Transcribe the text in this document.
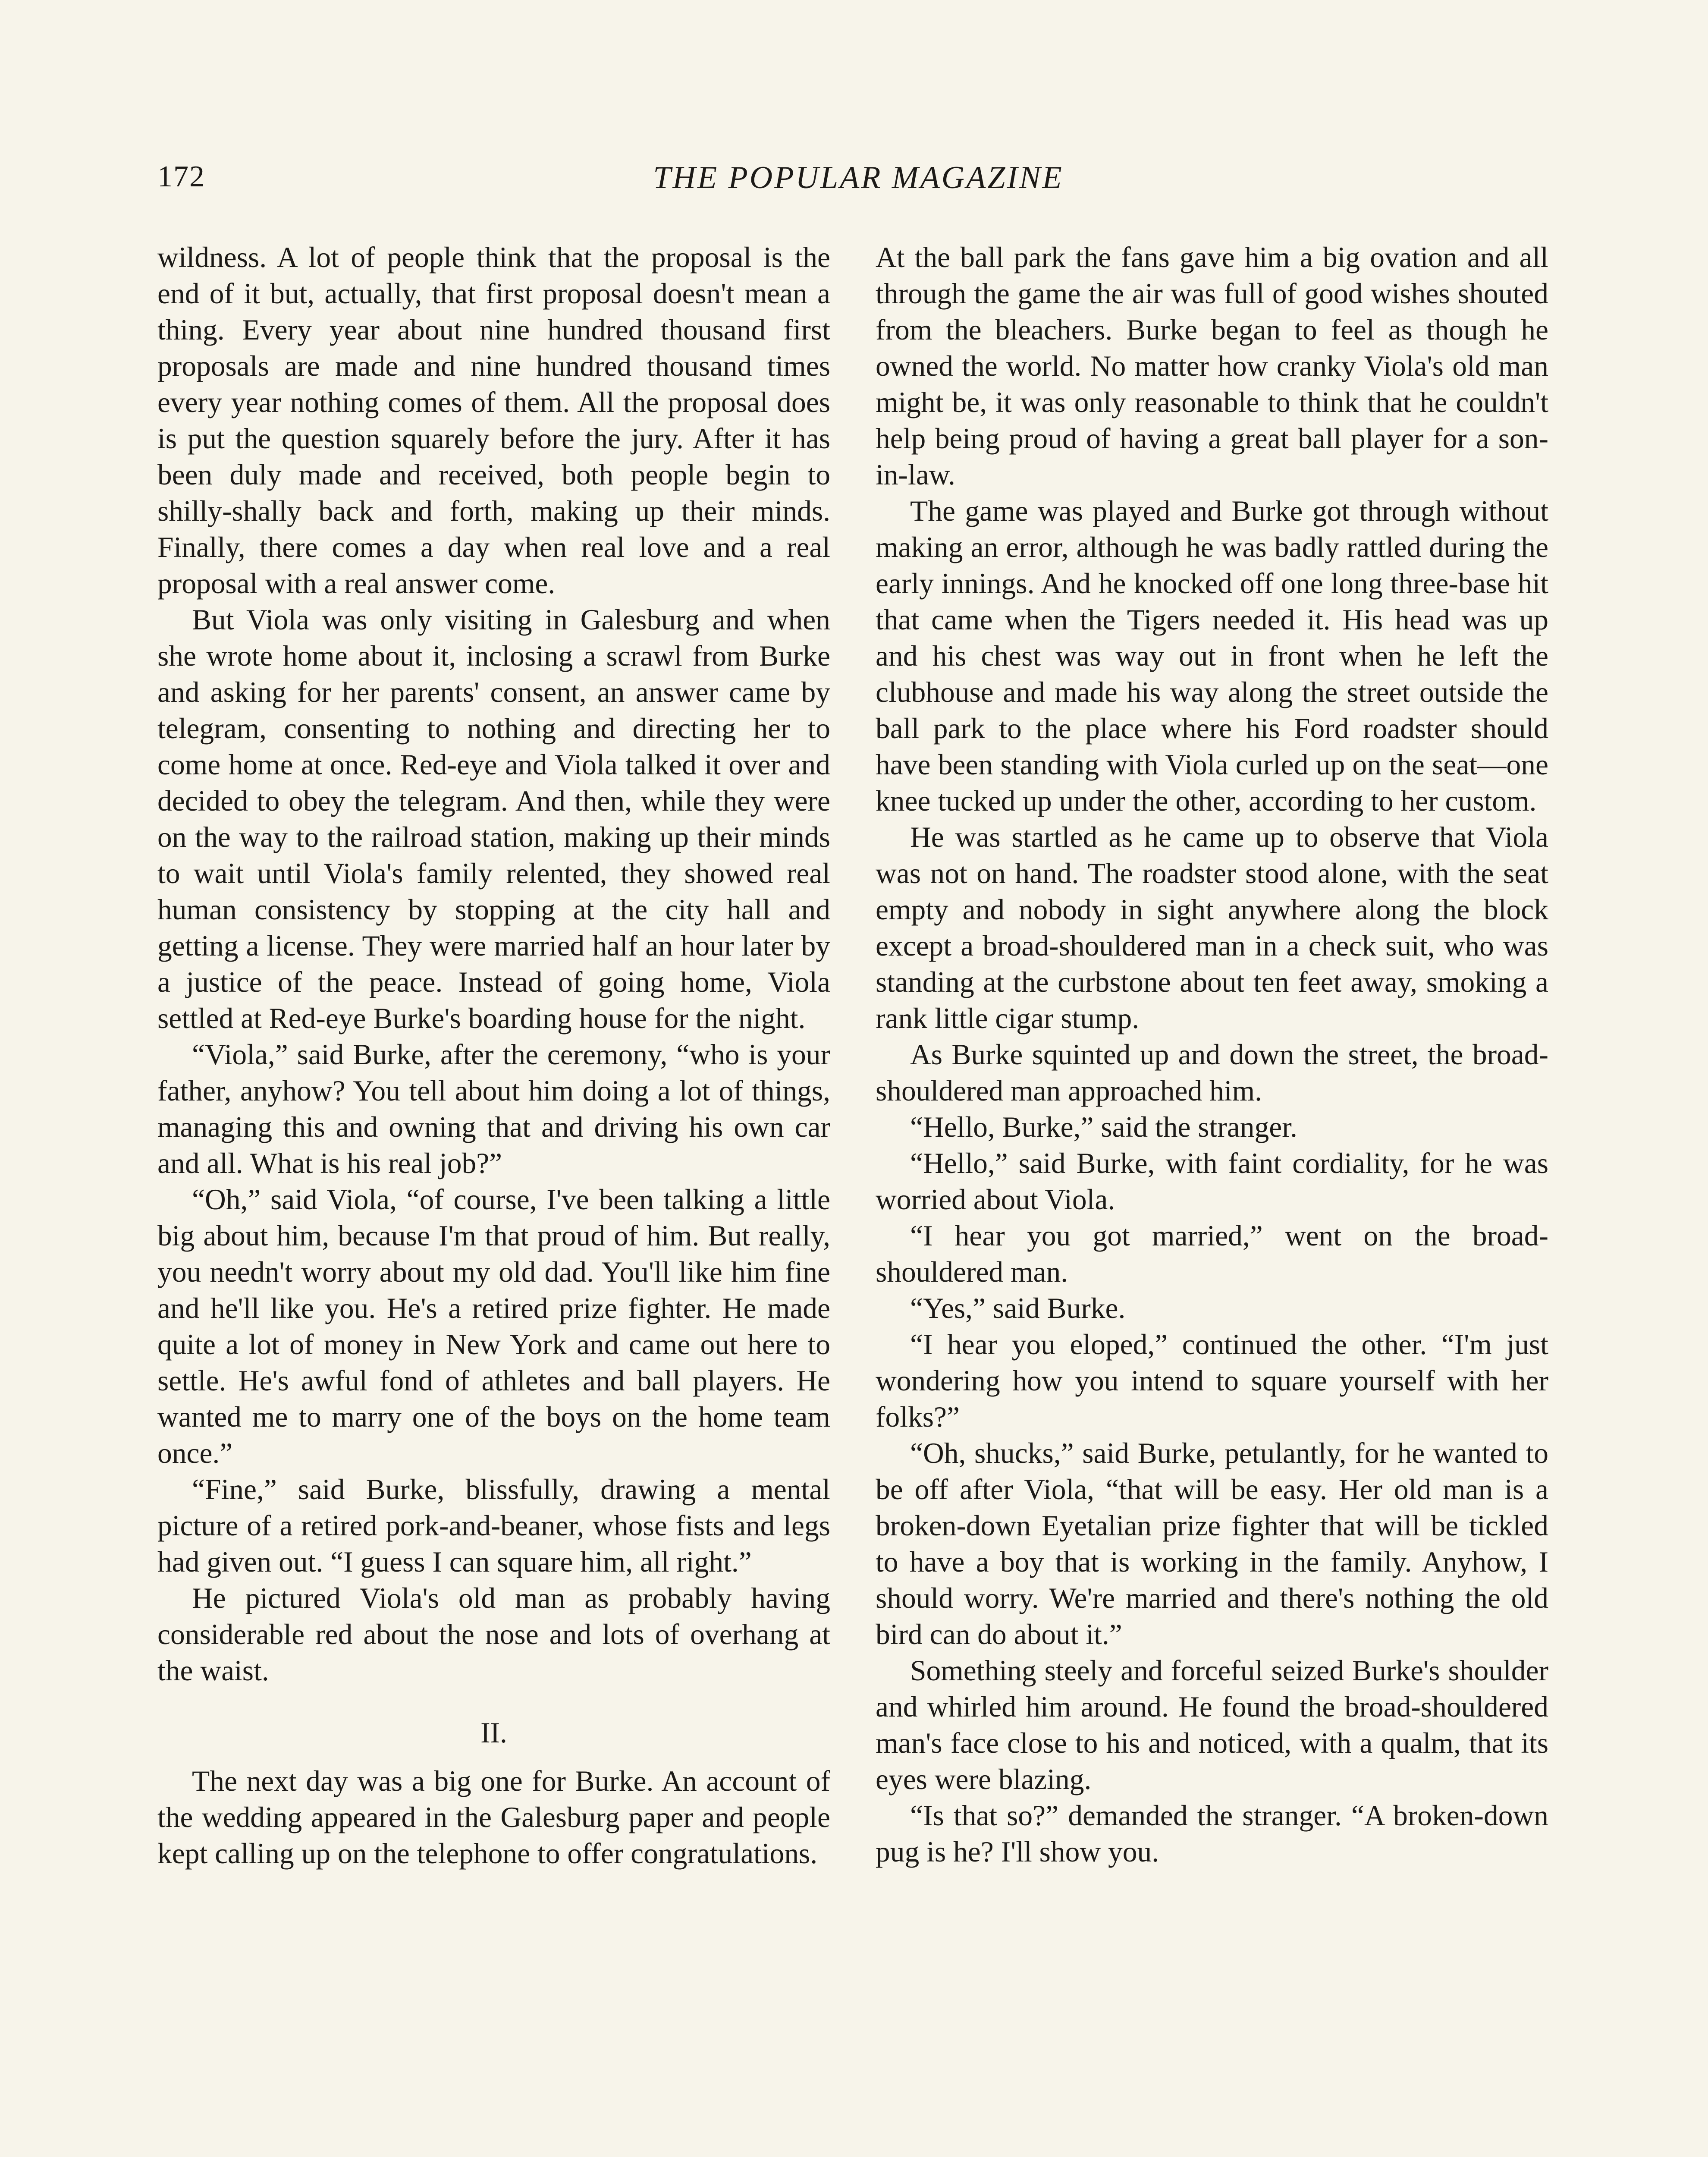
172	THE POPULAR MAGAZINE

wildness. A lot of people think that the proposal is the end of it but, actually, that first proposal doesn't mean a thing. Every year about nine hundred thousand first proposals are made and nine hundred thousand times every year nothing comes of them. All the proposal does is put the question squarely before the jury. After it has been duly made and received, both people begin to shilly-shally back and forth, making up their minds. Finally, there comes a day when real love and a real proposal with a real answer come.

But Viola was only visiting in Galesburg and when she wrote home about it, inclosing a scrawl from Burke and asking for her parents' consent, an answer came by telegram, consenting to nothing and directing her to come home at once. Red-eye and Viola talked it over and decided to obey the telegram. And then, while they were on the way to the railroad station, making up their minds to wait until Viola's family relented, they showed real human consistency by stopping at the city hall and getting a license. They were married half an hour later by a justice of the peace. Instead of going home, Viola settled at Red-eye Burke's boarding house for the night.

“Viola,” said Burke, after the ceremony, “who is your father, anyhow? You tell about him doing a lot of things, managing this and owning that and driving his own car and all. What is his real job?”

“Oh,” said Viola, “of course, I've been talking a little big about him, because I'm that proud of him. But really, you needn't worry about my old dad. You'll like him fine and he'll like you. He's a retired prize fighter. He made quite a lot of money in New York and came out here to settle. He's awful fond of athletes and ball players. He wanted me to marry one of the boys on the home team once.”

“Fine,” said Burke, blissfully, drawing a mental picture of a retired pork-and-beaner, whose fists and legs had given out. “I guess I can square him, all right.”

He pictured Viola's old man as probably having considerable red about the nose and lots of overhang at the waist.

II.

The next day was a big one for Burke. An account of the wedding appeared in the Galesburg paper and people kept calling up on the telephone to offer congratulations.

At the ball park the fans gave him a big ovation and all through the game the air was full of good wishes shouted from the bleachers. Burke began to feel as though he owned the world. No matter how cranky Viola's old man might be, it was only reasonable to think that he couldn't help being proud of having a great ball player for a son-in-law.

The game was played and Burke got through without making an error, although he was badly rattled during the early innings. And he knocked off one long three-base hit that came when the Tigers needed it. His head was up and his chest was way out in front when he left the clubhouse and made his way along the street outside the ball park to the place where his Ford roadster should have been standing with Viola curled up on the seat—one knee tucked up under the other, according to her custom.

He was startled as he came up to observe that Viola was not on hand. The roadster stood alone, with the seat empty and nobody in sight anywhere along the block except a broad-shouldered man in a check suit, who was standing at the curbstone about ten feet away, smoking a rank little cigar stump.

As Burke squinted up and down the street, the broad-shouldered man approached him.

“Hello, Burke,” said the stranger.

“Hello,” said Burke, with faint cordiality, for he was worried about Viola.

“I hear you got married,” went on the broad-shouldered man.

“Yes,” said Burke.

“I hear you eloped,” continued the other. “I'm just wondering how you intend to square yourself with her folks?”

“Oh, shucks,” said Burke, petulantly, for he wanted to be off after Viola, “that will be easy. Her old man is a broken-down Eyetalian prize fighter that will be tickled to have a boy that is working in the family. Anyhow, I should worry. We're married and there's nothing the old bird can do about it.”

Something steely and forceful seized Burke's shoulder and whirled him around. He found the broad-shouldered man's face close to his and noticed, with a qualm, that its eyes were blazing.

“Is that so?” demanded the stranger. “A broken-down pug is he? I'll show you.
